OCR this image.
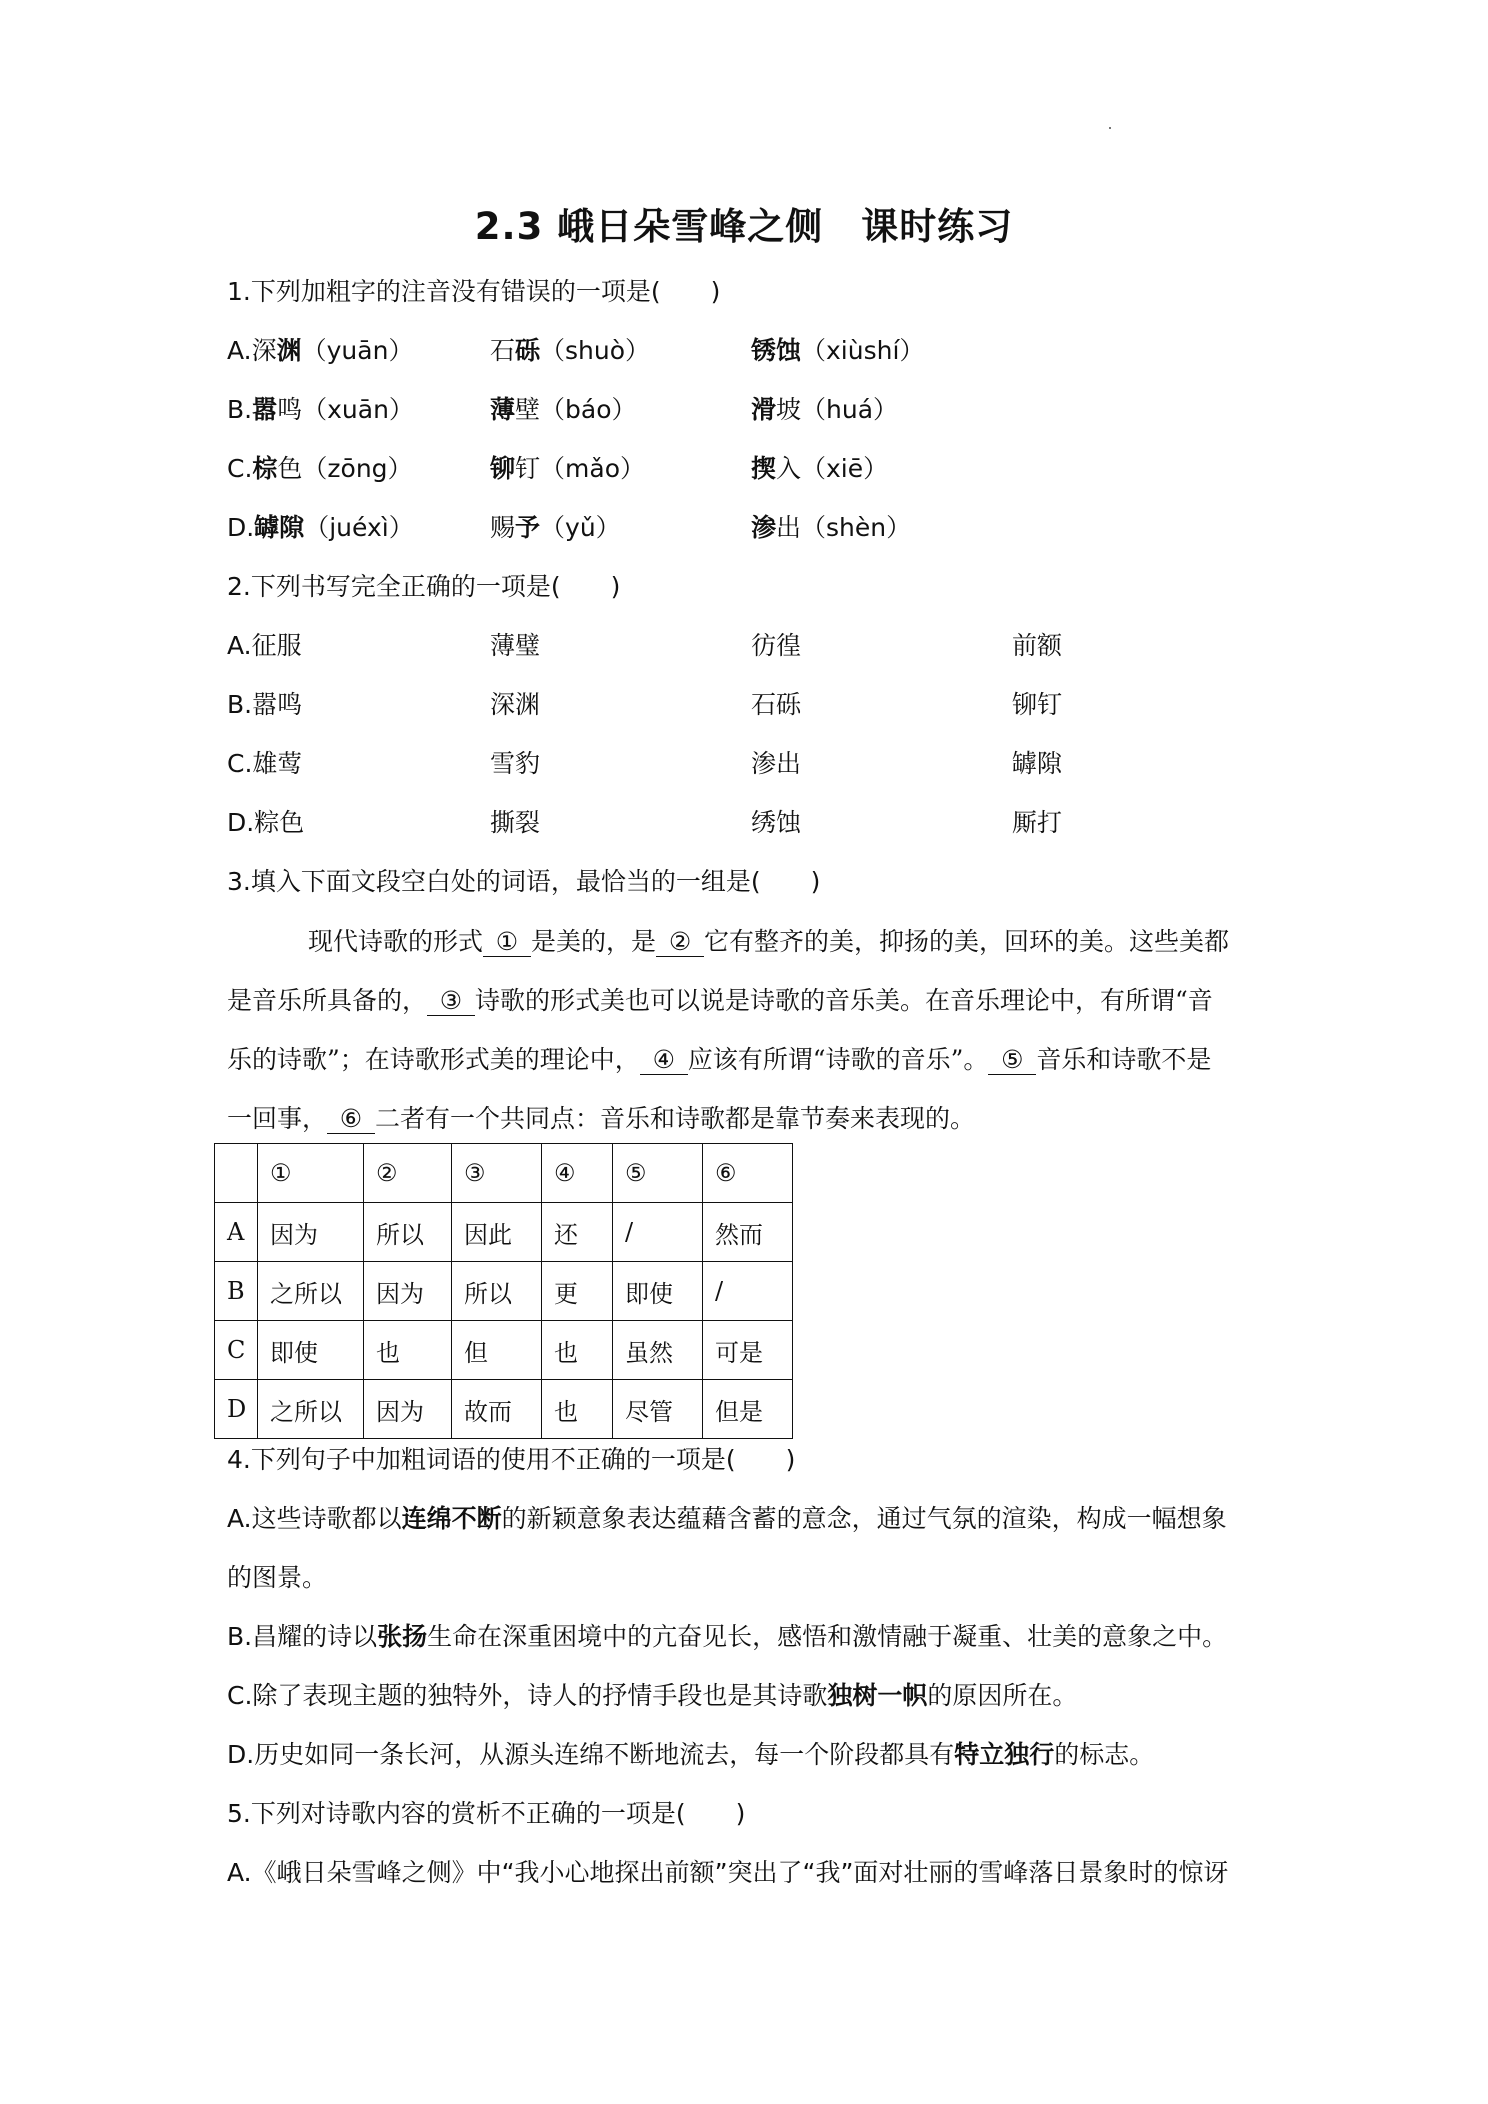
2.3 峨日朵雪峰之侧　课时练习
1.下列加粗字的注音没有错误的一项是(　　)
A.深渊（yuān）	石砾（shuò）	锈蚀（xiùshí）
B.嚣鸣（xuān）	薄壁（báo）	滑坡（huá）
C.棕色（zōng）	铆钉（mǎo）	揳入（xiē）
D.罅隙（juéxì）	赐予（yǔ）	渗出（shèn）
2.下列书写完全正确的一项是(　　)
A.征服	薄璧	彷徨	前额
B.嚣鸣	深渊	石砾	铆钉
C.雄莺	雪豹	渗出	罅隙
D.粽色	撕裂	绣蚀	厮打
3.填入下面文段空白处的词语，最恰当的一组是(　　)
现代诗歌的形式 ① 是美的，是 ② 它有整齐的美，抑扬的美，回环的美。这些美都
是音乐所具备的， ③ 诗歌的形式美也可以说是诗歌的音乐美。在音乐理论中，有所谓“音
乐的诗歌”；在诗歌形式美的理论中， ④ 应该有所谓“诗歌的音乐”。 ⑤ 音乐和诗歌不是
一回事， ⑥ 二者有一个共同点：音乐和诗歌都是靠节奏来表现的。
	①	②	③	④	⑤	⑥
A	因为	所以	因此	还	/	然而
B	之所以	因为	所以	更	即使	/
C	即使	也	但	也	虽然	可是
D	之所以	因为	故而	也	尽管	但是
4.下列句子中加粗词语的使用不正确的一项是(　　)
A.这些诗歌都以连绵不断的新颖意象表达蕴藉含蓄的意念，通过气氛的渲染，构成一幅想象
的图景。
B.昌耀的诗以张扬生命在深重困境中的亢奋见长，感悟和激情融于凝重、壮美的意象之中。
C.除了表现主题的独特外，诗人的抒情手段也是其诗歌独树一帜的原因所在。
D.历史如同一条长河，从源头连绵不断地流去，每一个阶段都具有特立独行的标志。
5.下列对诗歌内容的赏析不正确的一项是(　　)
A.《峨日朵雪峰之侧》中“我小心地探出前额”突出了“我”面对壮丽的雪峰落日景象时的惊讶
